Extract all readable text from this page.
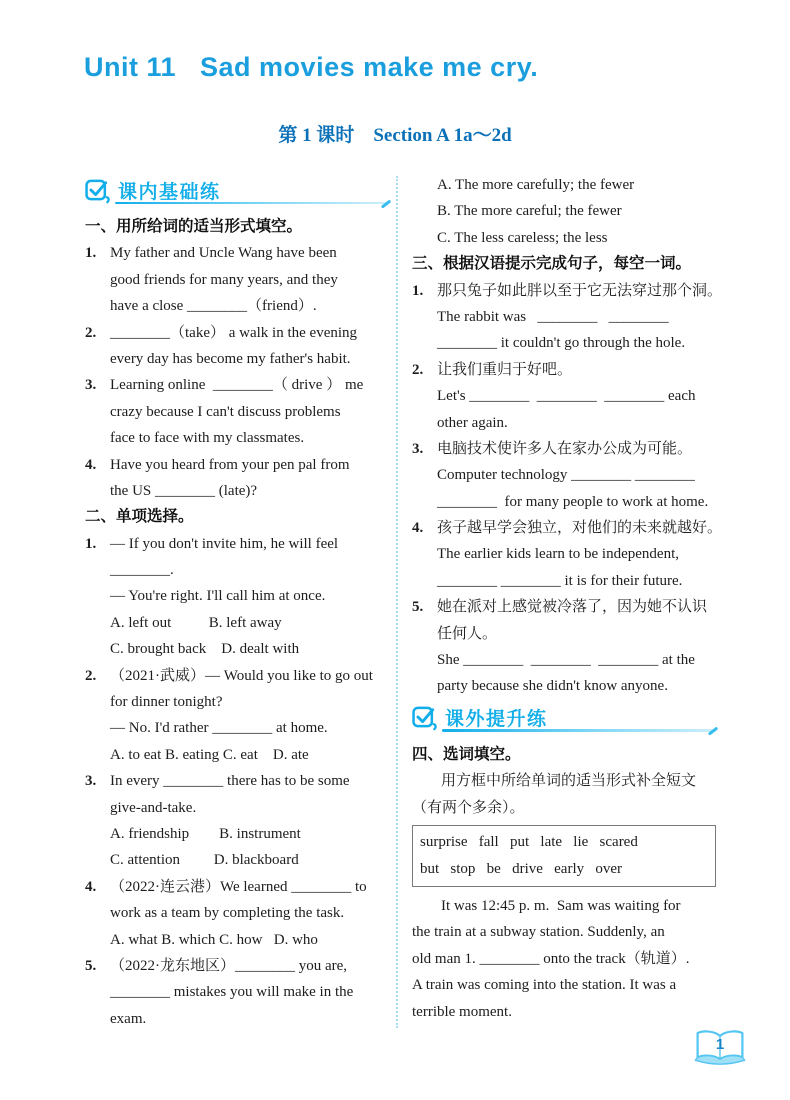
Unit 11   Sad movies make me cry.
第 1 课时    Section A 1a～2d
课内基础练
一、用所给词的适当形式填空。
1. My father and Uncle Wang have been
good friends for many years, and they
have a close ________（friend）.
2. ________（take） a walk in the evening
every day has become my father's habit.
3. Learning online  ________（ drive ） me
crazy because I can't discuss problems
face to face with my classmates.
4. Have you heard from your pen pal from
the US ________ (late)?
二、单项选择。
1. — If you don't invite him, he will feel
________.
— You're right. I'll call him at once.
A. left out          B. left away
C. brought back    D. dealt with
2. （2021·武威）— Would you like to go out
for dinner tonight?
— No. I'd rather ________ at home.
A. to eat B. eating C. eat    D. ate
3. In every ________ there has to be some
give-and-take.
A. friendship        B. instrument
C. attention         D. blackboard
4. （2022·连云港）We learned ________ to
work as a team by completing the task.
A. what B. which C. how   D. who
5. （2022·龙东地区）________ you are,
________ mistakes you will make in the
exam.
A. The more carefully; the fewer
B. The more careful; the fewer
C. The less careless; the less
三、根据汉语提示完成句子，每空一词。
1. 那只兔子如此胖以至于它无法穿过那个洞。
The rabbit was   ________   ________
________ it couldn't go through the hole.
2. 让我们重归于好吧。
Let's ________  ________  ________ each
other again.
3. 电脑技术使许多人在家办公成为可能。
Computer technology ________ ________
________  for many people to work at home.
4. 孩子越早学会独立，对他们的未来就越好。
The earlier kids learn to be independent,
________ ________ it is for their future.
5. 她在派对上感觉被冷落了，因为她不认识
任何人。
She ________  ________  ________ at the
party because she didn't know anyone.
课外提升练
四、选词填空。
用方框中所给单词的适当形式补全短文
（有两个多余）。
surprise   fall   put   late   lie   scared
but   stop   be   drive   early   over
It was 12:45 p. m.  Sam was waiting for
the train at a subway station. Suddenly, an
old man 1. ________ onto the track（轨道）.
A train was coming into the station. It was a
terrible moment.
1
